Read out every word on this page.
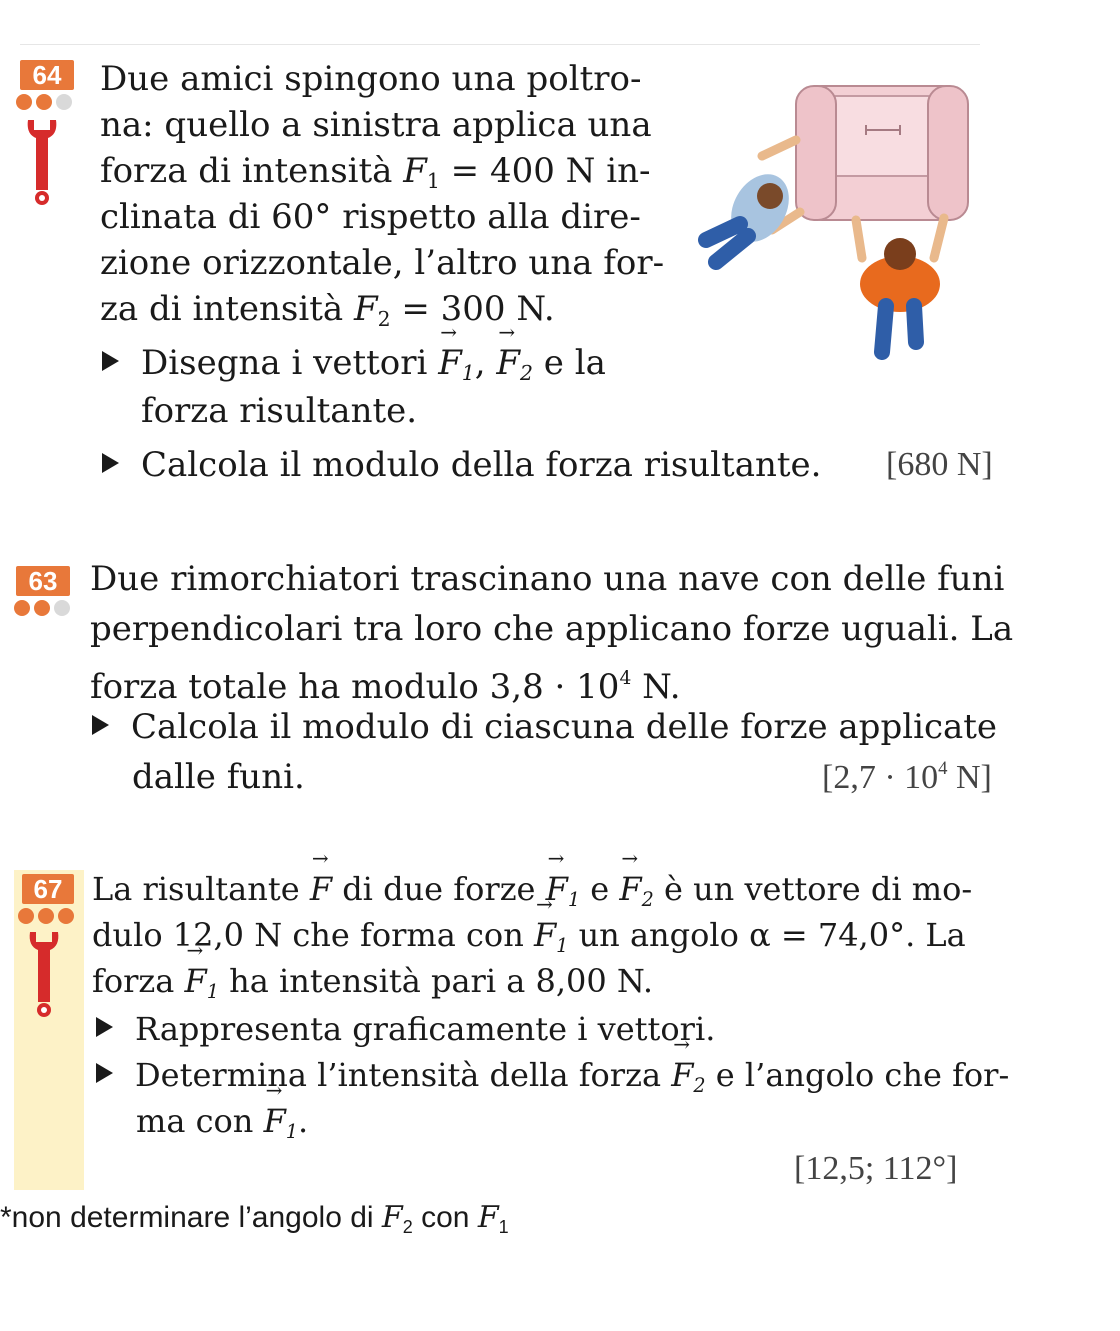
64	Due amici spingono una poltro-
na: quello a sinistra applica una
forza di intensità $F_1 = 400$ N in-
clinata di 60° rispetto alla dire-
zione orizzontale, l’altro una for-
za di intensità $F_2 = 300$ N.
Disegna i vettori → $F_1$, → $F_2$ e la
forza risultante.
Calcola il modulo della forza risultante. [680 N]
63 Due rimorchiatori trascinano una nave con delle funi
perpendicolari tra loro che applicano forze uguali. La
forza totale ha modulo $3,8 \cdot 10^4$ N.
Calcola il modulo di ciascuna delle forze applicate
dalle funi.	[$2,7 \cdot 10^4$ N]
67 La risultante → F di due forze → $F_1$ $e \to F_2$ è un vettore di mo-
dulo 12,0 N che forma con → $F_1$ un angolo α = 74,0°. La
forza → $F_1$ ha intensità pari a 8,00 N.
Rappresenta graficamente i vettori.
Determina l’intensità della forza → $F_2$ e l’angolo che for-
ma con → $F_1$.
[12,5; 112°]
*non determinare l’angolo di $F_2$ con $F_1$
